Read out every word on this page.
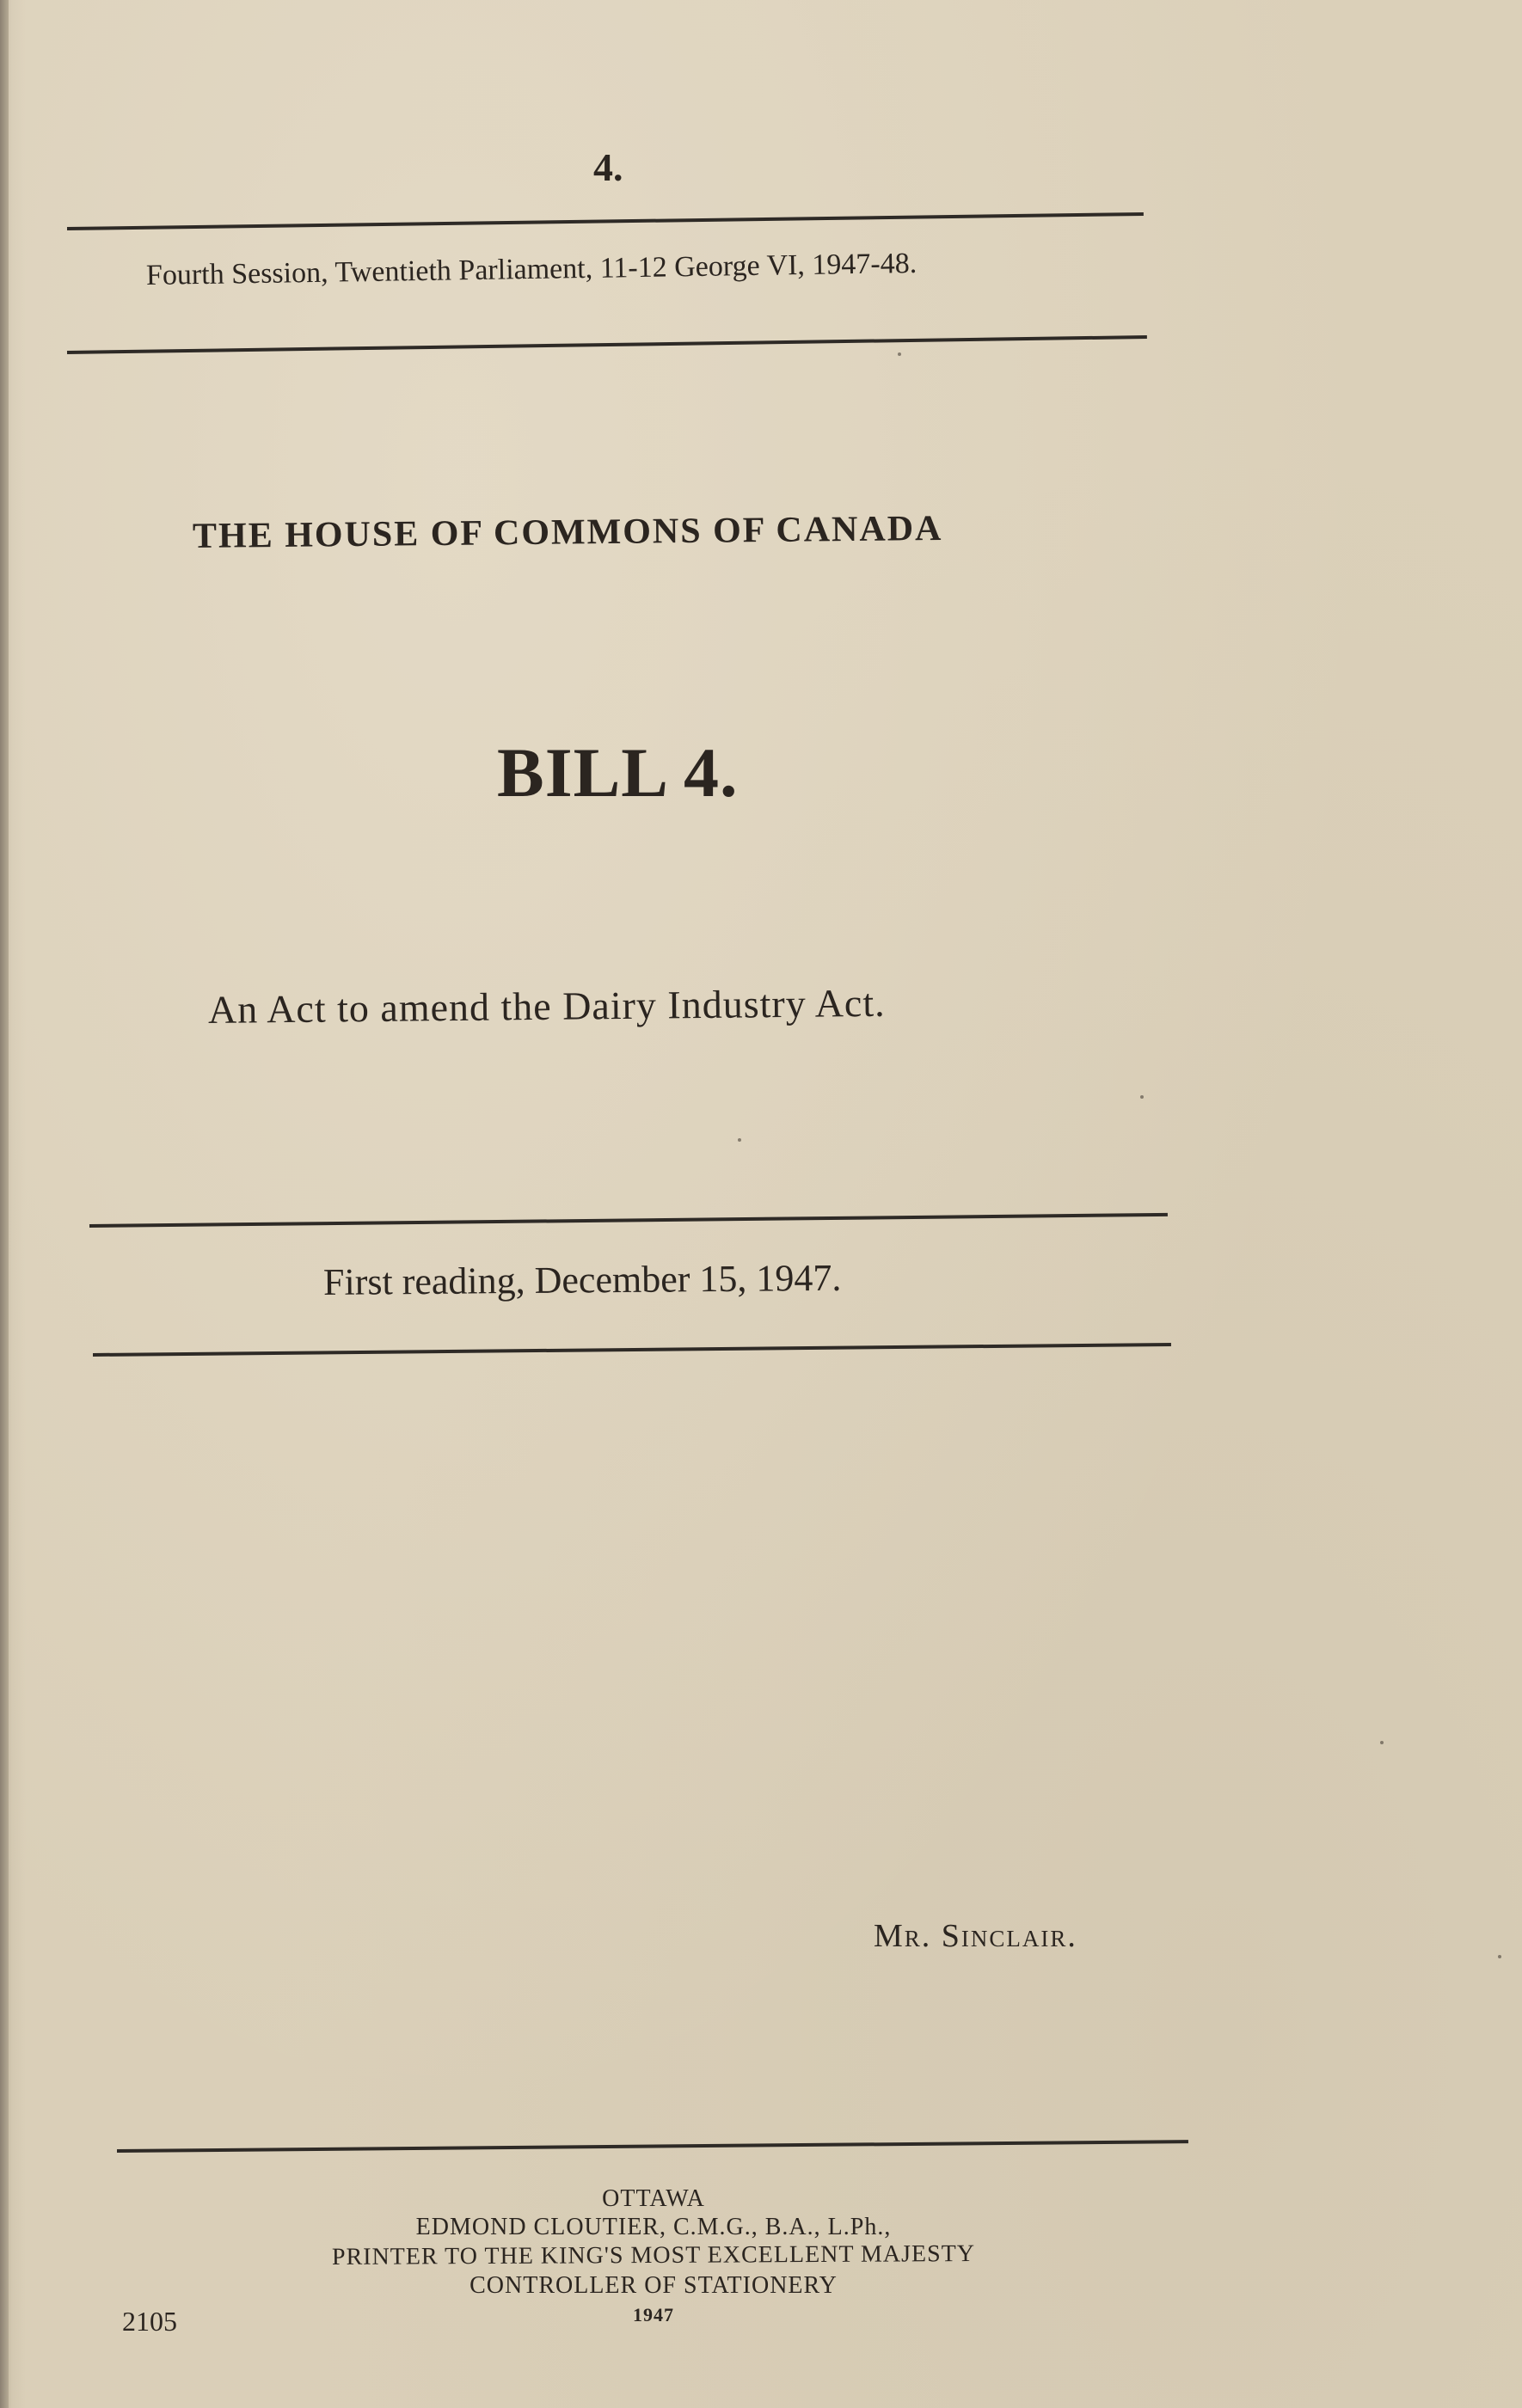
4.
Fourth Session, Twentieth Parliament, 11-12 George VI, 1947-48.
THE HOUSE OF COMMONS OF CANADA
BILL 4.
An Act to amend the Dairy Industry Act.
First reading, December 15, 1947.
Mr. Sinclair.
OTTAWA
EDMOND CLOUTIER, C.M.G., B.A., L.Ph.,
PRINTER TO THE KING'S MOST EXCELLENT MAJESTY
CONTROLLER OF STATIONERY
1947
2105
